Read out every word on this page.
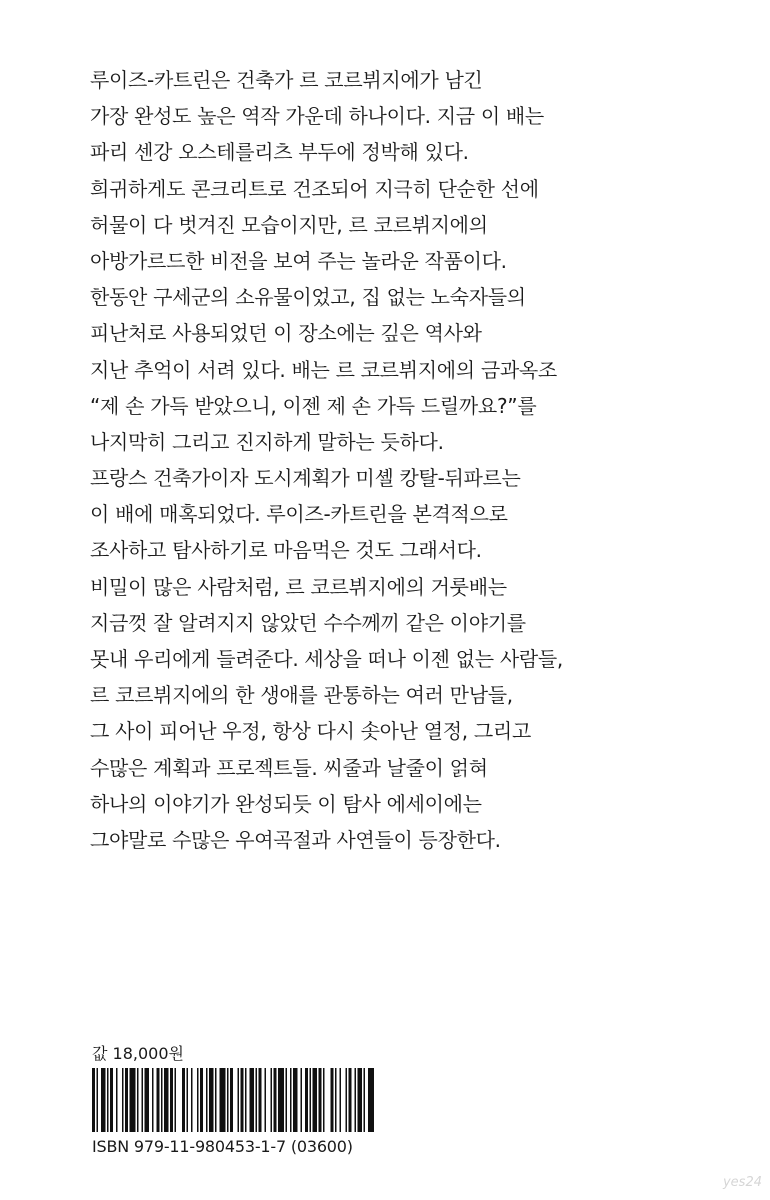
루이즈-카트린은 건축가 르 코르뷔지에가 남긴
가장 완성도 높은 역작 가운데 하나이다. 지금 이 배는
파리 센강 오스테를리츠 부두에 정박해 있다.
희귀하게도 콘크리트로 건조되어 지극히 단순한 선에
허물이 다 벗겨진 모습이지만, 르 코르뷔지에의
아방가르드한 비전을 보여 주는 놀라운 작품이다.
한동안 구세군의 소유물이었고, 집 없는 노숙자들의
피난처로 사용되었던 이 장소에는 깊은 역사와
지난 추억이 서려 있다. 배는 르 코르뷔지에의 금과옥조
“제 손 가득 받았으니, 이젠 제 손 가득 드릴까요?”를
나지막히 그리고 진지하게 말하는 듯하다.
프랑스 건축가이자 도시계획가 미셸 캉탈-뒤파르는
이 배에 매혹되었다. 루이즈-카트린을 본격적으로
조사하고 탐사하기로 마음먹은 것도 그래서다.
비밀이 많은 사람처럼, 르 코르뷔지에의 거룻배는
지금껏 잘 알려지지 않았던 수수께끼 같은 이야기를
못내 우리에게 들려준다. 세상을 떠나 이젠 없는 사람들,
르 코르뷔지에의 한 생애를 관통하는 여러 만남들,
그 사이 피어난 우정, 항상 다시 솟아난 열정, 그리고
수많은 계획과 프로젝트들. 씨줄과 날줄이 얽혀
하나의 이야기가 완성되듯 이 탐사 에세이에는
그야말로 수많은 우여곡절과 사연들이 등장한다.
값 18,000원
ISBN 979-11-980453-1-7 (03600)
yes24
